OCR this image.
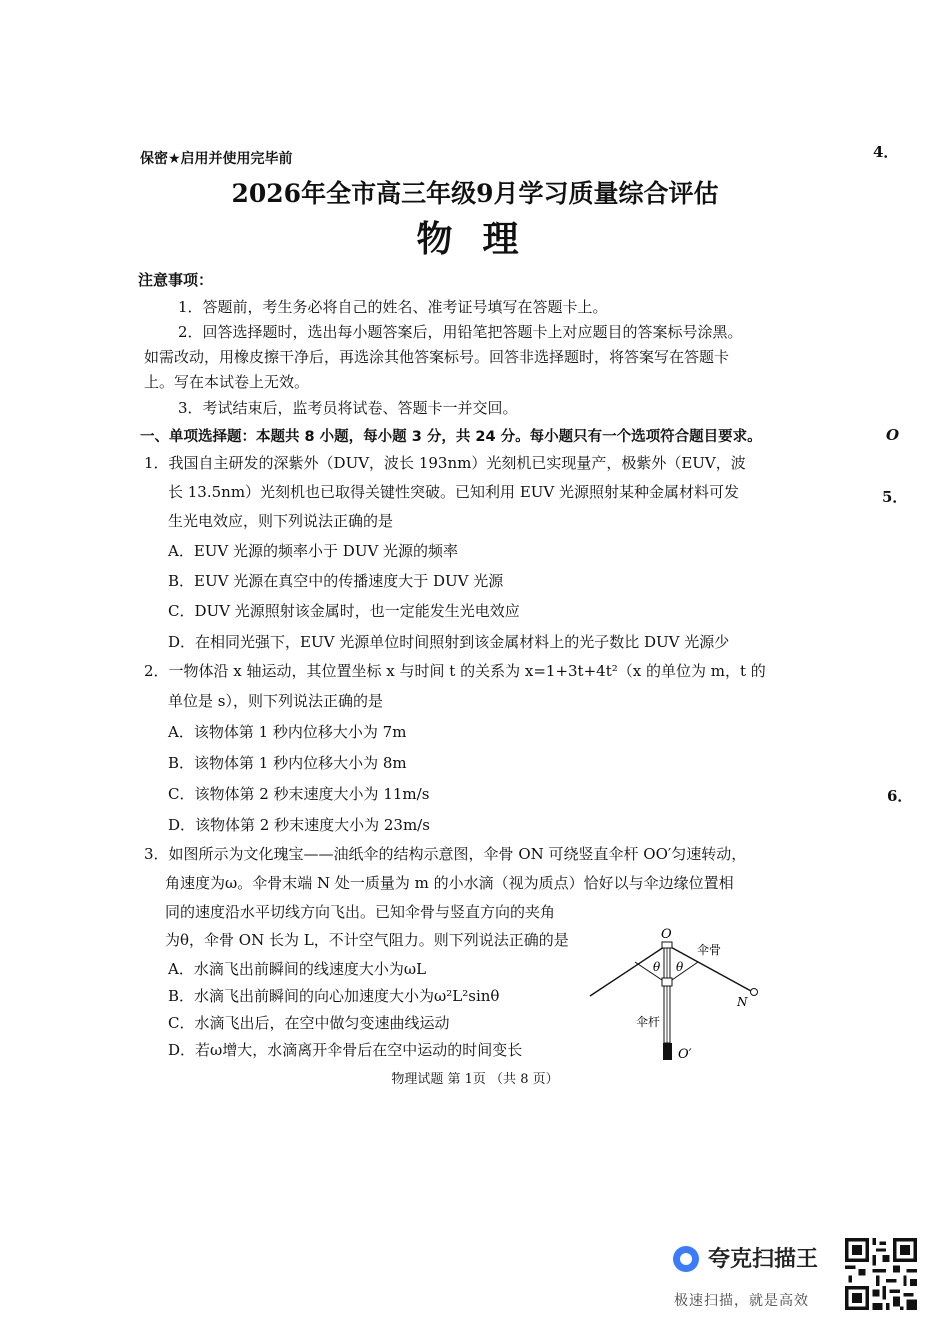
保密★启用并使用完毕前
2026年全市高三年级9月学习质量综合评估
物理
注意事项：
1．答题前，考生务必将自己的姓名、准考证号填写在答题卡上。
2．回答选择题时，选出每小题答案后，用铅笔把答题卡上对应题目的答案标号涂黑。
如需改动，用橡皮擦干净后，再选涂其他答案标号。回答非选择题时，将答案写在答题卡
上。写在本试卷上无效。
3．考试结束后，监考员将试卷、答题卡一并交回。
一、单项选择题：本题共 8 小题，每小题 3 分，共 24 分。每小题只有一个选项符合题目要求。
1．我国自主研发的深紫外（DUV，波长 193nm）光刻机已实现量产，极紫外（EUV，波
长 13.5nm）光刻机也已取得关键性突破。已知利用 EUV 光源照射某种金属材料可发
生光电效应，则下列说法正确的是
A．EUV 光源的频率小于 DUV 光源的频率
B．EUV 光源在真空中的传播速度大于 DUV 光源
C．DUV 光源照射该金属时，也一定能发生光电效应
D．在相同光强下，EUV 光源单位时间照射到该金属材料上的光子数比 DUV 光源少
2．一物体沿 x 轴运动，其位置坐标 x 与时间 t 的关系为 x=1+3t+4t²（x 的单位为 m，t 的
单位是 s），则下列说法正确的是
A．该物体第 1 秒内位移大小为 7m
B．该物体第 1 秒内位移大小为 8m
C．该物体第 2 秒末速度大小为 11m/s
D．该物体第 2 秒末速度大小为 23m/s
3．如图所示为文化瑰宝——油纸伞的结构示意图，伞骨 ON 可绕竖直伞杆 OO′匀速转动，
角速度为ω。伞骨末端 N 处一质量为 m 的小水滴（视为质点）恰好以与伞边缘位置相
同的速度沿水平切线方向飞出。已知伞骨与竖直方向的夹角
为θ，伞骨 ON 长为 L，不计空气阻力。则下列说法正确的是
A．水滴飞出前瞬间的线速度大小为ωL
B．水滴飞出前瞬间的向心加速度大小为ω²L²sinθ
C．水滴飞出后，在空中做匀变速曲线运动
D．若ω增大，水滴离开伞骨后在空中运动的时间变长
O
θ θ
伞骨
N
伞杆
O′
物理试题 第 1页 （共 8 页）
4．
O
5．
6．
夸克扫描王
极速扫描，就是高效
